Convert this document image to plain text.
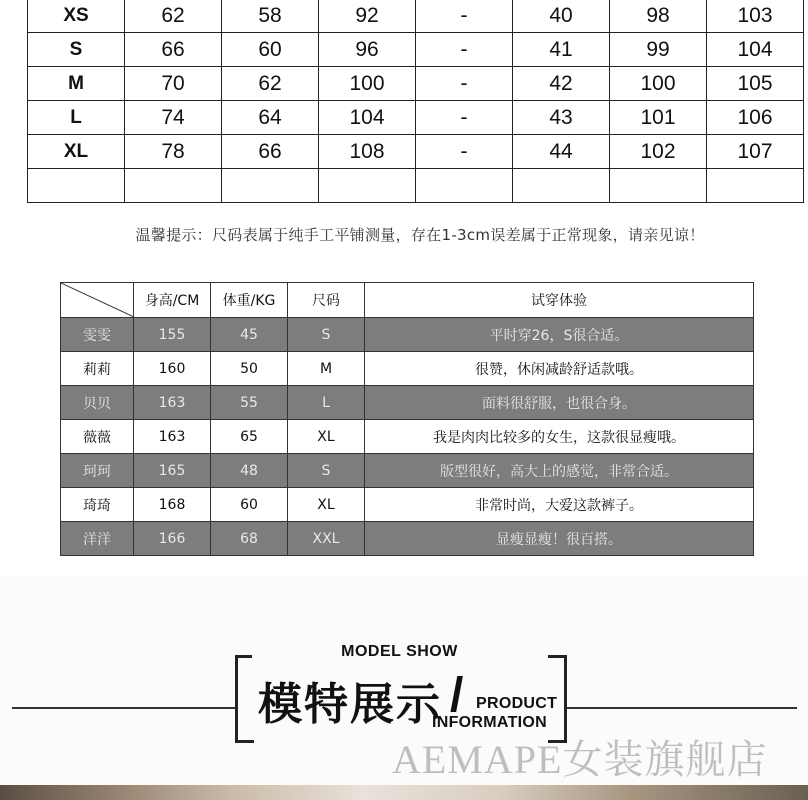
XS	62	58	92	-	40	98	103
S	66	60	96	-	41	99	104
M	70	62	100	-	42	100	105
L	74	64	104	-	43	101	106
XL	78	66	108	-	44	102	107

温馨提示：尺码表属于纯手工平铺测量，存在1-3cm误差属于正常现象，请亲见谅！
	身高/CM	体重/KG	尺码	试穿体验
雯雯	155	45	S	平时穿26，S很合适。
莉莉	160	50	M	很赞，休闲减龄舒适款哦。
贝贝	163	55	L	面料很舒服，也很合身。
薇薇	163	65	XL	我是肉肉比较多的女生，这款很显瘦哦。
珂珂	165	48	S	版型很好，高大上的感觉，非常合适。
琦琦	168	60	XL	非常时尚，大爱这款裤子。
洋洋	166	68	XXL	显瘦显瘦！很百搭。
MODEL SHOW
模特展示 / PRODUCT
INFORMATION
AEMAPE女装旗舰店
